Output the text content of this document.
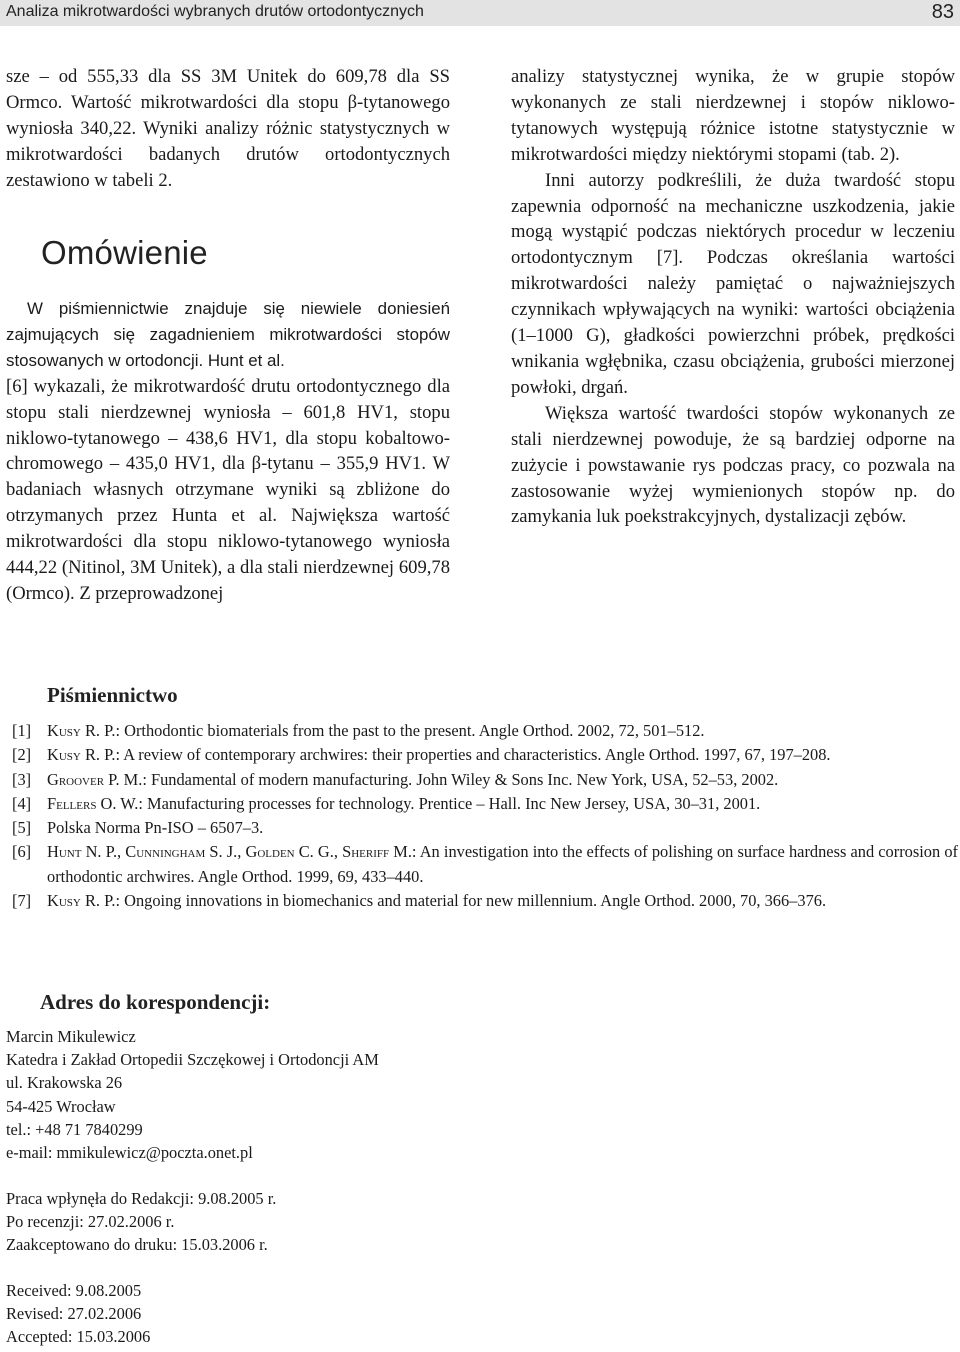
Analiza mikrotwardości wybranych drutów ortodontycznych	83

sze – od 555,33 dla SS 3M Unitek do 609,78 dla SS Ormco. Wartość mikrotwardości dla stopu β-tytanowego wyniosła 340,22. Wyniki analizy różnic statystycznych w mikrotwardości badanych drutów ortodontycznych zestawiono w tabeli 2.

Omówienie

W piśmiennictwie znajduje się niewiele doniesień zajmujących się zagadnieniem mikrotwardości stopów stosowanych w ortodoncji. Hunt et al.

[6] wykazali, że mikrotwardość drutu ortodontycznego dla stopu stali nierdzewnej wyniosła – 601,8 HV1, stopu niklowo-tytanowego – 438,6 HV1, dla stopu kobaltowo-chromowego – 435,0 HV1, dla β-tytanu – 355,9 HV1. W badaniach własnych otrzymane wyniki są zbliżone do otrzymanych przez Hunta et al. Największa wartość mikrotwardości dla stopu niklowo-tytanowego wyniosła 444,22 (Nitinol, 3M Unitek), a dla stali nierdzewnej 609,78 (Ormco). Z przeprowadzonej

analizy statystycznej wynika, że w grupie stopów wykonanych ze stali nierdzewnej i stopów niklowo-tytanowych występują różnice istotne statystycznie w mikrotwardości między niektórymi stopami (tab. 2).

Inni autorzy podkreślili, że duża twardość stopu zapewnia odporność na mechaniczne uszkodzenia, jakie mogą wystąpić podczas niektórych procedur w leczeniu ortodontycznym [7]. Podczas określania wartości mikrotwardości należy pamiętać o najważniejszych czynnikach wpływających na wyniki: wartości obciążenia (1–1000 G), gładkości powierzchni próbek, prędkości wnikania wgłębnika, czasu obciążenia, grubości mierzonej powłoki, drgań.

Większa wartość twardości stopów wykonanych ze stali nierdzewnej powoduje, że są bardziej odporne na zużycie i powstawanie rys podczas pracy, co pozwala na zastosowanie wyżej wymienionych stopów np. do zamykania luk poekstrakcyjnych, dystalizacji zębów.

Piśmiennictwo
[1] Kusy R. P.: Orthodontic biomaterials from the past to the present. Angle Orthod. 2002, 72, 501–512.
[2] Kusy R. P.: A review of contemporary archwires: their properties and characteristics. Angle Orthod. 1997, 67, 197–208.
[3] Groover P. M.: Fundamental of modern manufacturing. John Wiley & Sons Inc. New York, USA, 52–53, 2002.
[4] Fellers O. W.: Manufacturing processes for technology. Prentice – Hall. Inc New Jersey, USA, 30–31, 2001.
[5] Polska Norma Pn-ISO – 6507–3.
[6] Hunt N. P., Cunningham S. J., Golden C. G., Sheriff M.: An investigation into the effects of polishing on surface hardness and corrosion of orthodontic archwires. Angle Orthod. 1999, 69, 433–440.
[7] Kusy R. P.: Ongoing innovations in biomechanics and material for new millennium. Angle Orthod. 2000, 70, 366–376.
Adres do korespondencji:
Marcin Mikulewicz
Katedra i Zakład Ortopedii Szczękowej i Ortodoncji AM
ul. Krakowska 26
54-425 Wrocław
tel.: +48 71 7840299
e-mail: mmikulewicz@poczta.onet.pl
Praca wpłynęła do Redakcji: 9.08.2005 r.
Po recenzji: 27.02.2006 r.
Zaakceptowano do druku: 15.03.2006 r.
Received: 9.08.2005
Revised: 27.02.2006
Accepted: 15.03.2006
